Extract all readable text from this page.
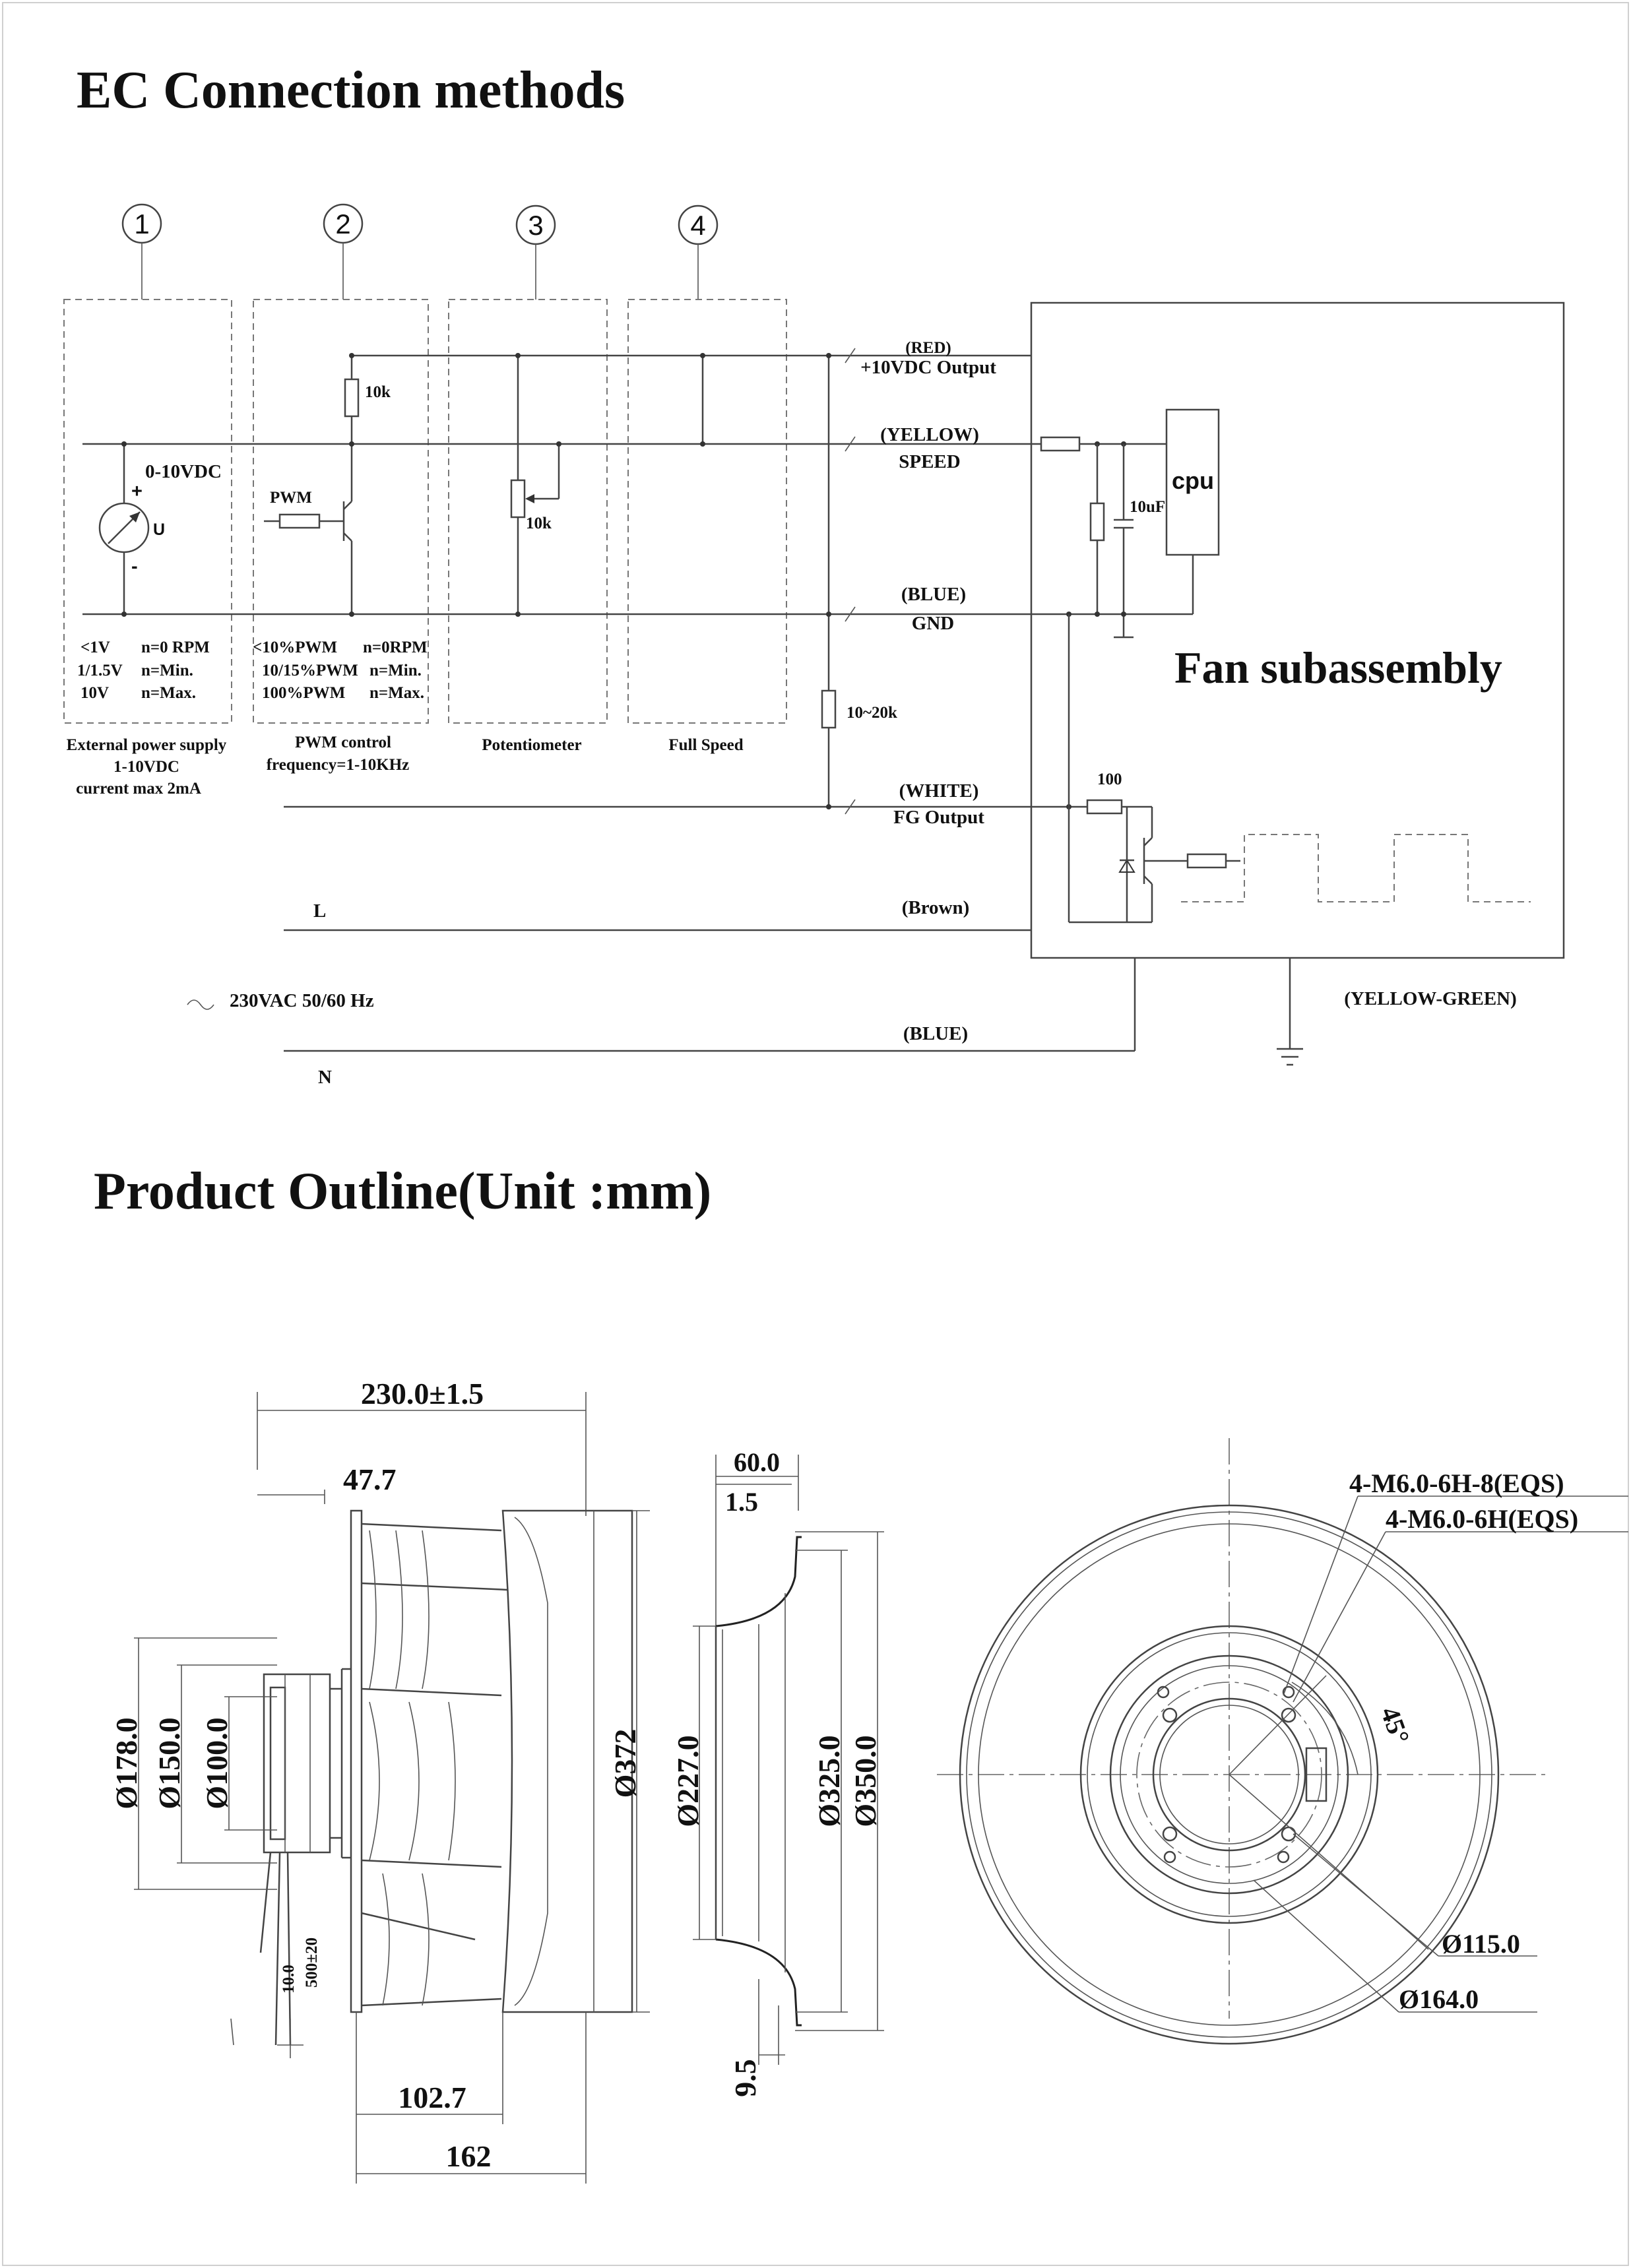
EC Connection methods
Product Outline(Unit :mm)
1	2	3	4
10~20k
0-10VDC
+
U
-
<1V n=0 RPM
1/1.5V n=Min.
10V n=Max.
External power supply
1-10VDC
current max 2mA
10k
PWM
<10%PWM n=0RPM
10/15%PWM n=Min.
100%PWM n=Max.
PWM control
frequency=1-10KHz
10k
Potentiometer	Full Speed
(RED)
+10VDC Output
(YELLOW)
SPEED
(BLUE)
GND
(WHITE)
FG Output
10uF
cpu
Fan subassembly
100
L	(Brown)
230VAC 50/60 Hz
(BLUE)
N
(YELLOW-GREEN)
230.0±1.5
47.7
Ø178.0 Ø150.0 Ø100.0	Ø372
10.0 500±20
102.7
162
60.0
1.5
Ø227.0	Ø325.0 Ø350.0
9.5
4-M6.0-6H-8(EQS)
4-M6.0-6H(EQS)
45°
Ø115.0
Ø164.0
